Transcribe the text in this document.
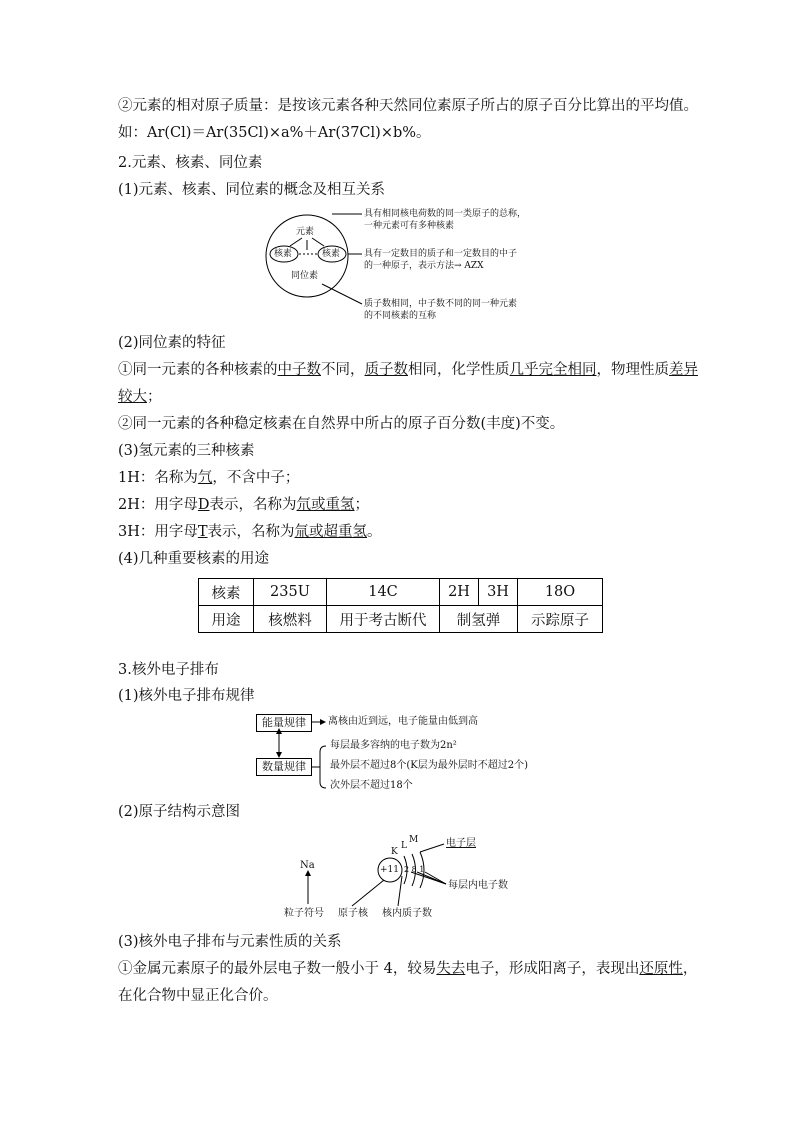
②元素的相对原子质量：是按该元素各种天然同位素原子所占的原子百分比算出的平均值。
如：Ar(Cl)＝Ar(35Cl)×a%＋Ar(37Cl)×b%。
2.元素、核素、同位素
(1)元素、核素、同位素的概念及相互关系
元素
核素	核素
同位素
具有相同核电荷数的同一类原子的总称，
一种元素可有多种核素
具有一定数目的质子和一定数目的中子
的一种原子，表示方法→ AZX
质子数相同，中子数不同的同一种元素
的不同核素的互称
(2)同位素的特征
①同一元素的各种核素的中子数不同，质子数相同，化学性质几乎完全相同，物理性质差异
较大；
②同一元素的各种稳定核素在自然界中所占的原子百分数(丰度)不变。
(3)氢元素的三种核素
1H：名称为氕，不含中子；
2H：用字母D表示，名称为氘或重氢；
3H：用字母T表示，名称为氚或超重氢。
(4)几种重要核素的用途
核素	235U	14C	2H	3H	18O
用途	核燃料	用于考古断代	制氢弹		示踪原子
3.核外电子排布
(1)核外电子排布规律
能量规律	离核由近到远，电子能量由低到高
数量规律
每层最多容纳的电子数为2n²
最外层不超过8个(K层为最外层时不超过2个)
次外层不超过18个
(2)原子结构示意图
Na	+11 2 8 1
K
L
M	电子层
每层内电子数
粒子符号 原子核 核内质子数
(3)核外电子排布与元素性质的关系
①金属元素原子的最外层电子数一般小于 4，较易失去电子，形成阳离子，表现出还原性，
在化合物中显正化合价。
